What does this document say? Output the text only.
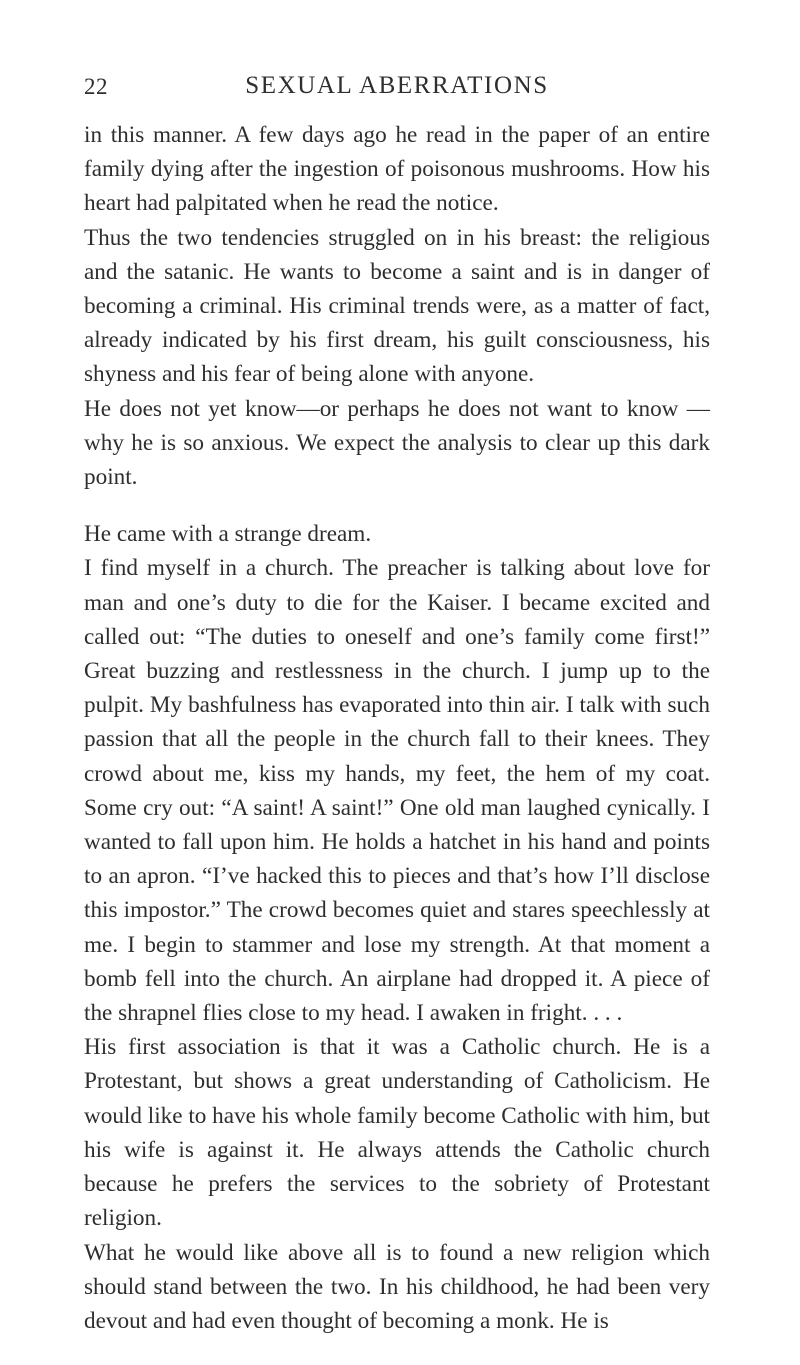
22	SEXUAL ABERRATIONS

in this manner. A few days ago he read in the paper of an entire family dying after the ingestion of poisonous mushrooms. How his heart had palpitated when he read the notice.

Thus the two tendencies struggled on in his breast: the religious and the satanic. He wants to become a saint and is in danger of becoming a criminal. His criminal trends were, as a matter of fact, already indicated by his first dream, his guilt consciousness, his shyness and his fear of being alone with anyone.

He does not yet know—or perhaps he does not want to know —why he is so anxious. We expect the analysis to clear up this dark point.

He came with a strange dream.

I find myself in a church. The preacher is talking about love for man and one’s duty to die for the Kaiser. I became excited and called out: “The duties to oneself and one’s family come first!” Great buzzing and restlessness in the church. I jump up to the pulpit. My bashfulness has evaporated into thin air. I talk with such passion that all the people in the church fall to their knees. They crowd about me, kiss my hands, my feet, the hem of my coat. Some cry out: “A saint! A saint!” One old man laughed cynically. I wanted to fall upon him. He holds a hatchet in his hand and points to an apron. “I’ve hacked this to pieces and that’s how I’ll disclose this impostor.” The crowd becomes quiet and stares speechlessly at me. I begin to stammer and lose my strength. At that moment a bomb fell into the church. An airplane had dropped it. A piece of the shrapnel flies close to my head. I awaken in fright. . . .

His first association is that it was a Catholic church. He is a Protestant, but shows a great understanding of Catholicism. He would like to have his whole family become Catholic with him, but his wife is against it. He always attends the Catholic church because he prefers the services to the sobriety of Protestant religion.

What he would like above all is to found a new religion which should stand between the two. In his childhood, he had been very devout and had even thought of becoming a monk. He is
